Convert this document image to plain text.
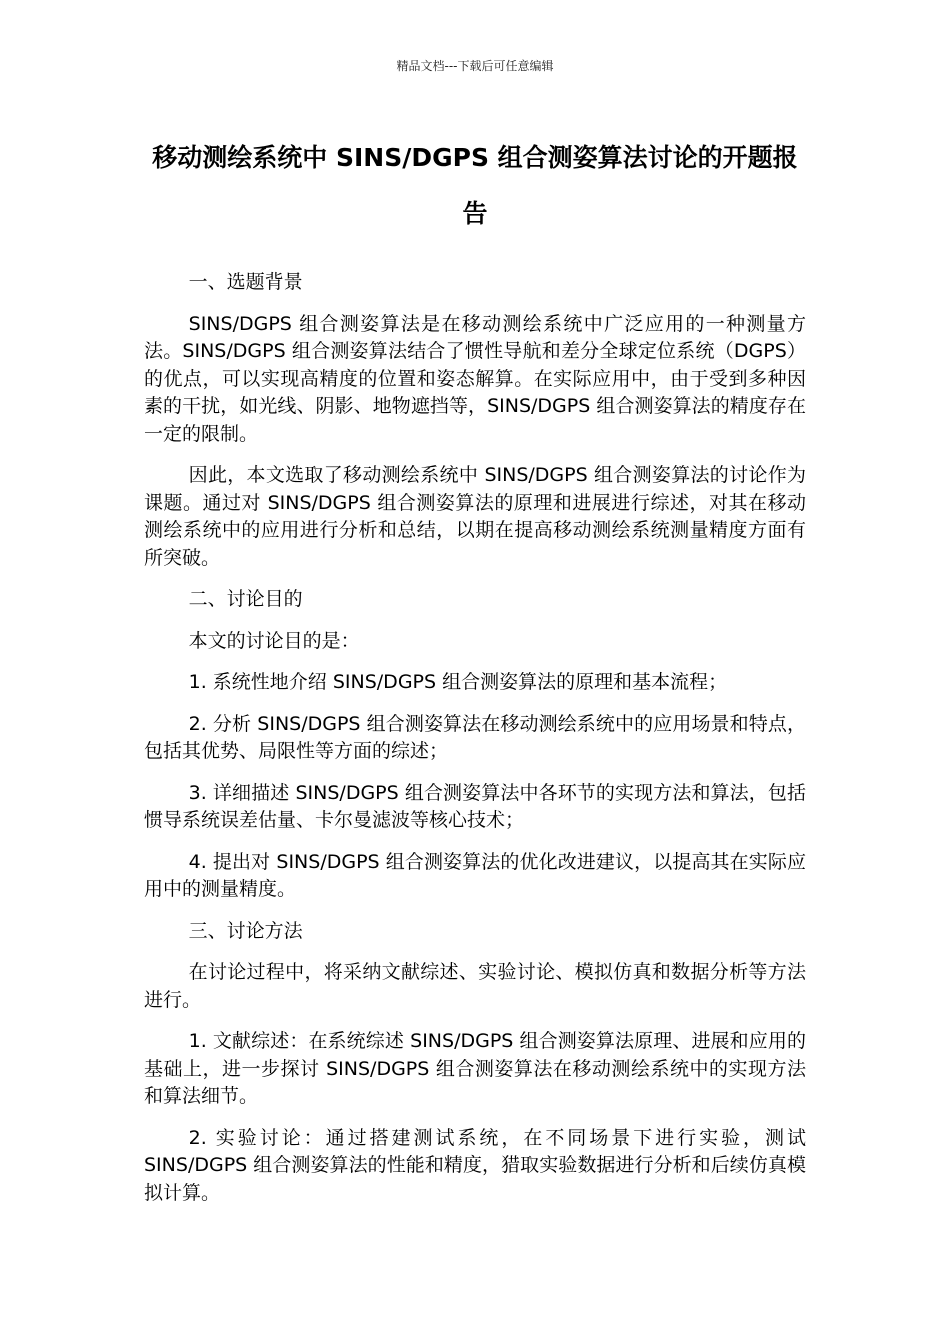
精品文档---下载后可任意编辑
移动测绘系统中 SINS/DGPS 组合测姿算法讨论的开题报告

一、选题背景

SINS/DGPS 组合测姿算法是在移动测绘系统中广泛应用的一种测量方法。SINS/DGPS 组合测姿算法结合了惯性导航和差分全球定位系统（DGPS）的优点，可以实现高精度的位置和姿态解算。在实际应用中，由于受到多种因素的干扰，如光线、阴影、地物遮挡等，SINS/DGPS 组合测姿算法的精度存在一定的限制。

因此，本文选取了移动测绘系统中 SINS/DGPS 组合测姿算法的讨论作为课题。通过对 SINS/DGPS 组合测姿算法的原理和进展进行综述，对其在移动测绘系统中的应用进行分析和总结，以期在提高移动测绘系统测量精度方面有所突破。

二、讨论目的

本文的讨论目的是：

1. 系统性地介绍 SINS/DGPS 组合测姿算法的原理和基本流程；

2. 分析 SINS/DGPS 组合测姿算法在移动测绘系统中的应用场景和特点，包括其优势、局限性等方面的综述；

3. 详细描述 SINS/DGPS 组合测姿算法中各环节的实现方法和算法，包括惯导系统误差估量、卡尔曼滤波等核心技术；

4. 提出对 SINS/DGPS 组合测姿算法的优化改进建议，以提高其在实际应用中的测量精度。

三、讨论方法

在讨论过程中，将采纳文献综述、实验讨论、模拟仿真和数据分析等方法进行。

1. 文献综述：在系统综述 SINS/DGPS 组合测姿算法原理、进展和应用的基础上，进一步探讨 SINS/DGPS 组合测姿算法在移动测绘系统中的实现方法和算法细节。

2. 实验讨论：通过搭建测试系统，在不同场景下进行实验，测试 SINS/DGPS 组合测姿算法的性能和精度，猎取实验数据进行分析和后续仿真模拟计算。
